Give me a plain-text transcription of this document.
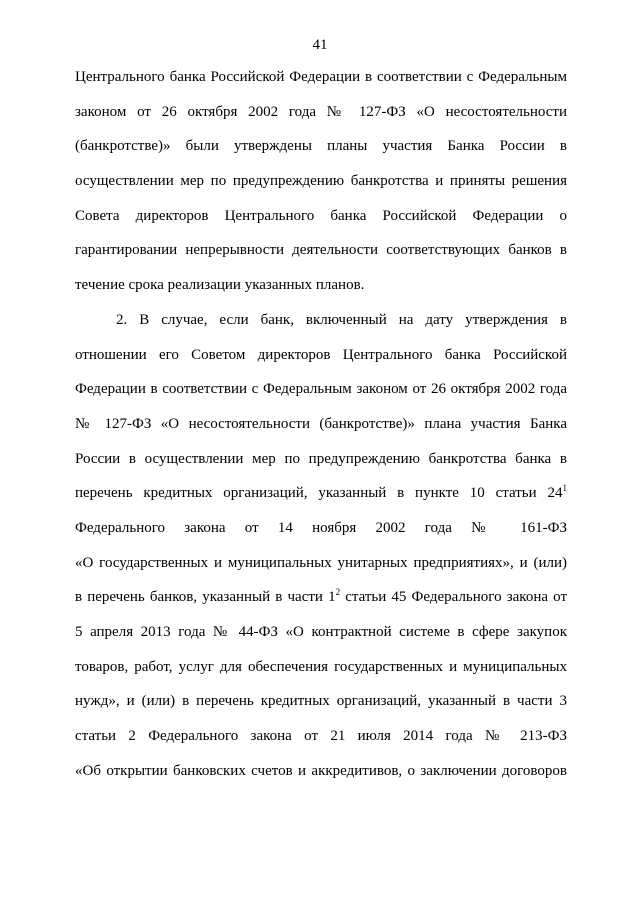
41
Центрального банка Российской Федерации в соответствии с Федеральным
законом от 26 октября 2002 года № 127-ФЗ «О несостоятельности
(банкротстве)» были утверждены планы участия Банка России в
осуществлении мер по предупреждению банкротства и приняты решения
Совета директоров Центрального банка Российской Федерации о
гарантировании непрерывности деятельности соответствующих банков в
течение срока реализации указанных планов.
2. В случае, если банк, включенный на дату утверждения в
отношении его Советом директоров Центрального банка Российской
Федерации в соответствии с Федеральным законом от 26 октября 2002 года
№ 127-ФЗ «О несостоятельности (банкротстве)» плана участия Банка
России в осуществлении мер по предупреждению банкротства банка в
перечень кредитных организаций, указанный в пункте 10 статьи $24^1$
Федерального закона от 14 ноября 2002 года № 161-ФЗ
«О государственных и муниципальных унитарных предприятиях», и (или)
в перечень банков, указанный в части $1^2$ статьи 45 Федерального закона от
5 апреля 2013 года № 44-ФЗ «О контрактной системе в сфере закупок
товаров, работ, услуг для обеспечения государственных и муниципальных
нужд», и (или) в перечень кредитных организаций, указанный в части 3
статьи 2 Федерального закона от 21 июля 2014 года № 213-ФЗ
«Об открытии банковских счетов и аккредитивов, о заключении договоров
